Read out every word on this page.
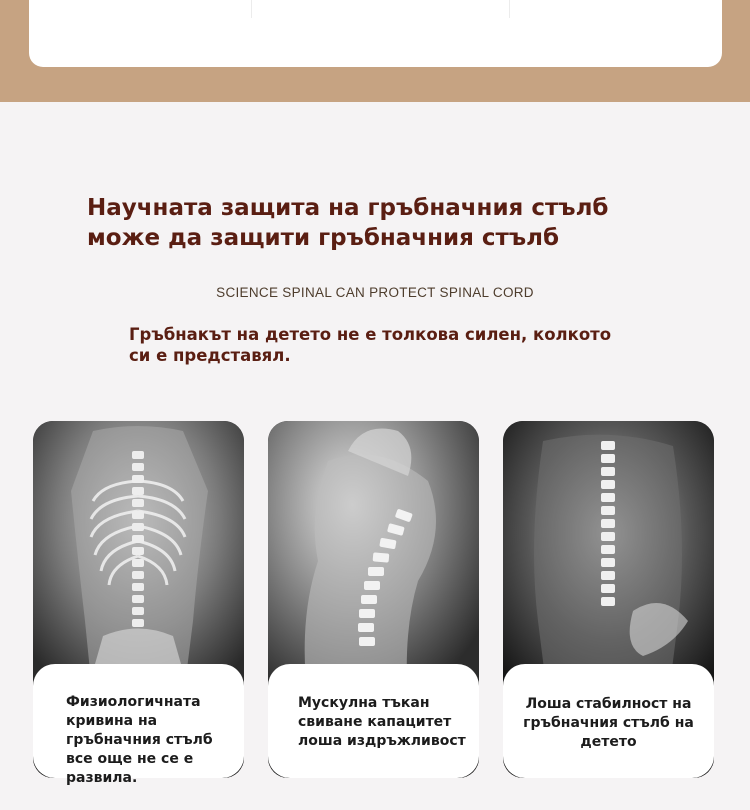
Научната защита на гръбначния стълб
може да защити гръбначния стълб
SCIENCE SPINAL CAN PROTECT SPINAL CORD
Гръбнакът на детето не е толкова силен, колкото
си е представял.
Физиологичната
кривина на
гръбначния стълб
все още не се е
развила.
Мускулна тъкан
свиване капацитет
лоша издръжливост
Лоша стабилност на
гръбначния стълб на
детето
